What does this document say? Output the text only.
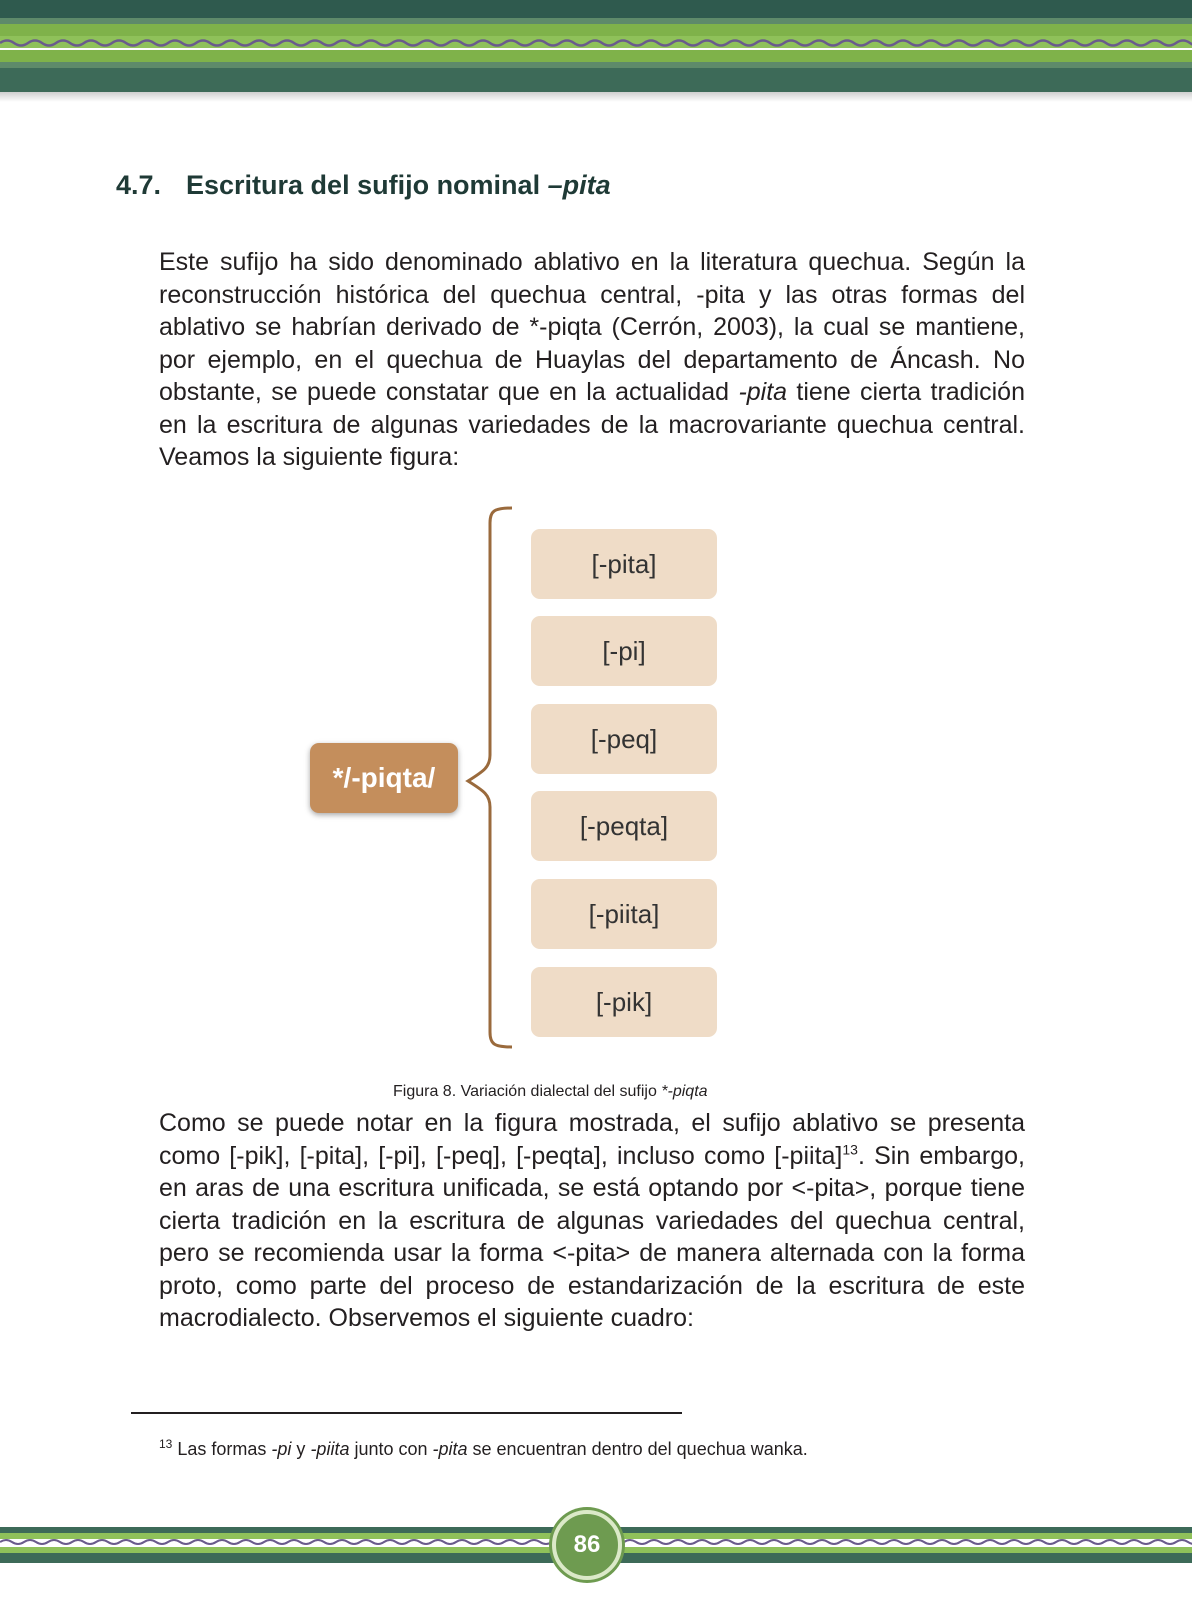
4.7. Escritura del sufijo nominal –pita

Este sufijo ha sido denominado ablativo en la literatura quechua. Según la reconstrucción histórica del quechua central, -pita y las otras formas del ablativo se habrían derivado de *-piqta (Cerrón, 2003), la cual se mantiene, por ejemplo, en el quechua de Huaylas del departamento de Áncash. No obstante, se puede constatar que en la actualidad -pita tiene cierta tradición en la escritura de algunas variedades de la macrovariante quechua central. Veamos la siguiente figura:

*/-piqta/
[-pita]
[-pi]
[-peq]
[-peqta]
[-piita]
[-pik]

Figura 8. Variación dialectal del sufijo *-piqta

Como se puede notar en la figura mostrada, el sufijo ablativo se presenta como [-pik], [-pita], [-pi], [-peq], [-peqta], incluso como [-piita]$^{13}$. Sin embargo, en aras de una escritura unificada, se está optando por <-pita>, porque tiene cierta tradición en la escritura de algunas variedades del quechua central, pero se recomienda usar la forma <-pita> de manera alternada con la forma proto, como parte del proceso de estandarización de la escritura de este macrodialecto. Observemos el siguiente cuadro:

$^{13}$ Las formas -pi y -piita junto con -pita se encuentran dentro del quechua wanka.

86
